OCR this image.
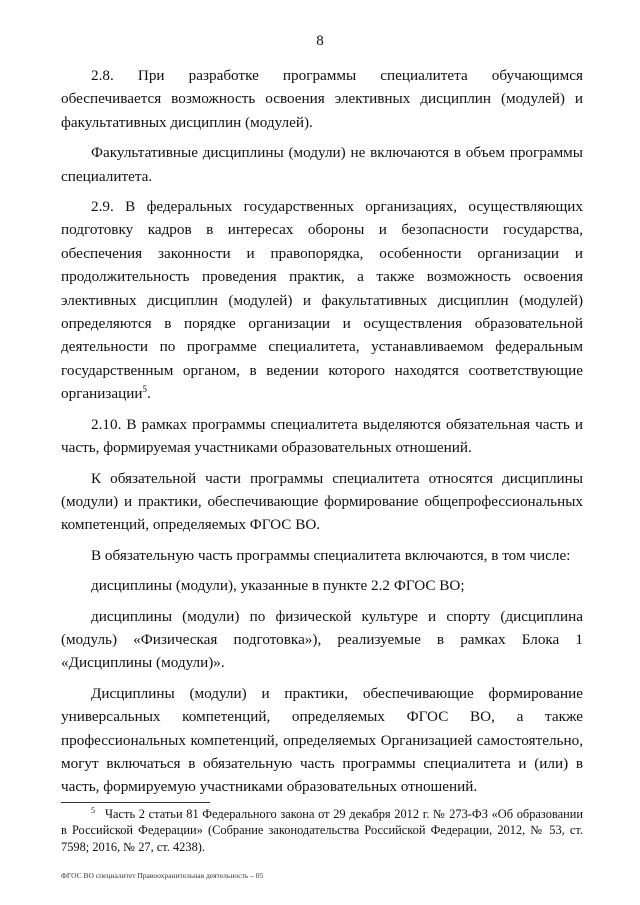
8

2.8. При разработке программы специалитета обучающимся обеспечивается возможность освоения элективных дисциплин (модулей) и факультативных дисциплин (модулей).

Факультативные дисциплины (модули) не включаются в объем программы специалитета.

2.9. В федеральных государственных организациях, осуществляющих подготовку кадров в интересах обороны и безопасности государства, обеспечения законности и правопорядка, особенности организации и продолжительность проведения практик, а также возможность освоения элективных дисциплин (модулей) и факультативных дисциплин (модулей) определяются в порядке организации и осуществления образовательной деятельности по программе специалитета, устанавливаемом федеральным государственным органом, в ведении которого находятся соответствующие организации$^5$.

2.10. В рамках программы специалитета выделяются обязательная часть и часть, формируемая участниками образовательных отношений.

К обязательной части программы специалитета относятся дисциплины (модули) и практики, обеспечивающие формирование общепрофессиональных компетенций, определяемых ФГОС ВО.

В обязательную часть программы специалитета включаются, в том числе:

дисциплины (модули), указанные в пункте 2.2 ФГОС ВО;

дисциплины (модули) по физической культуре и спорту (дисциплина (модуль) «Физическая подготовка»), реализуемые в рамках Блока 1 «Дисциплины (модули)».

Дисциплины (модули) и практики, обеспечивающие формирование универсальных компетенций, определяемых ФГОС ВО, а также профессиональных компетенций, определяемых Организацией самостоятельно, могут включаться в обязательную часть программы специалитета и (или) в часть, формируемую участниками образовательных отношений.

$^5$ Часть 2 статьи 81 Федерального закона от 29 декабря 2012 г. № 273-ФЗ «Об образовании в Российской Федерации» (Собрание законодательства Российской Федерации, 2012, № 53, ст. 7598; 2016, № 27, ст. 4238).
ФГОС ВО специалитет Правоохранительная деятельность – 05
